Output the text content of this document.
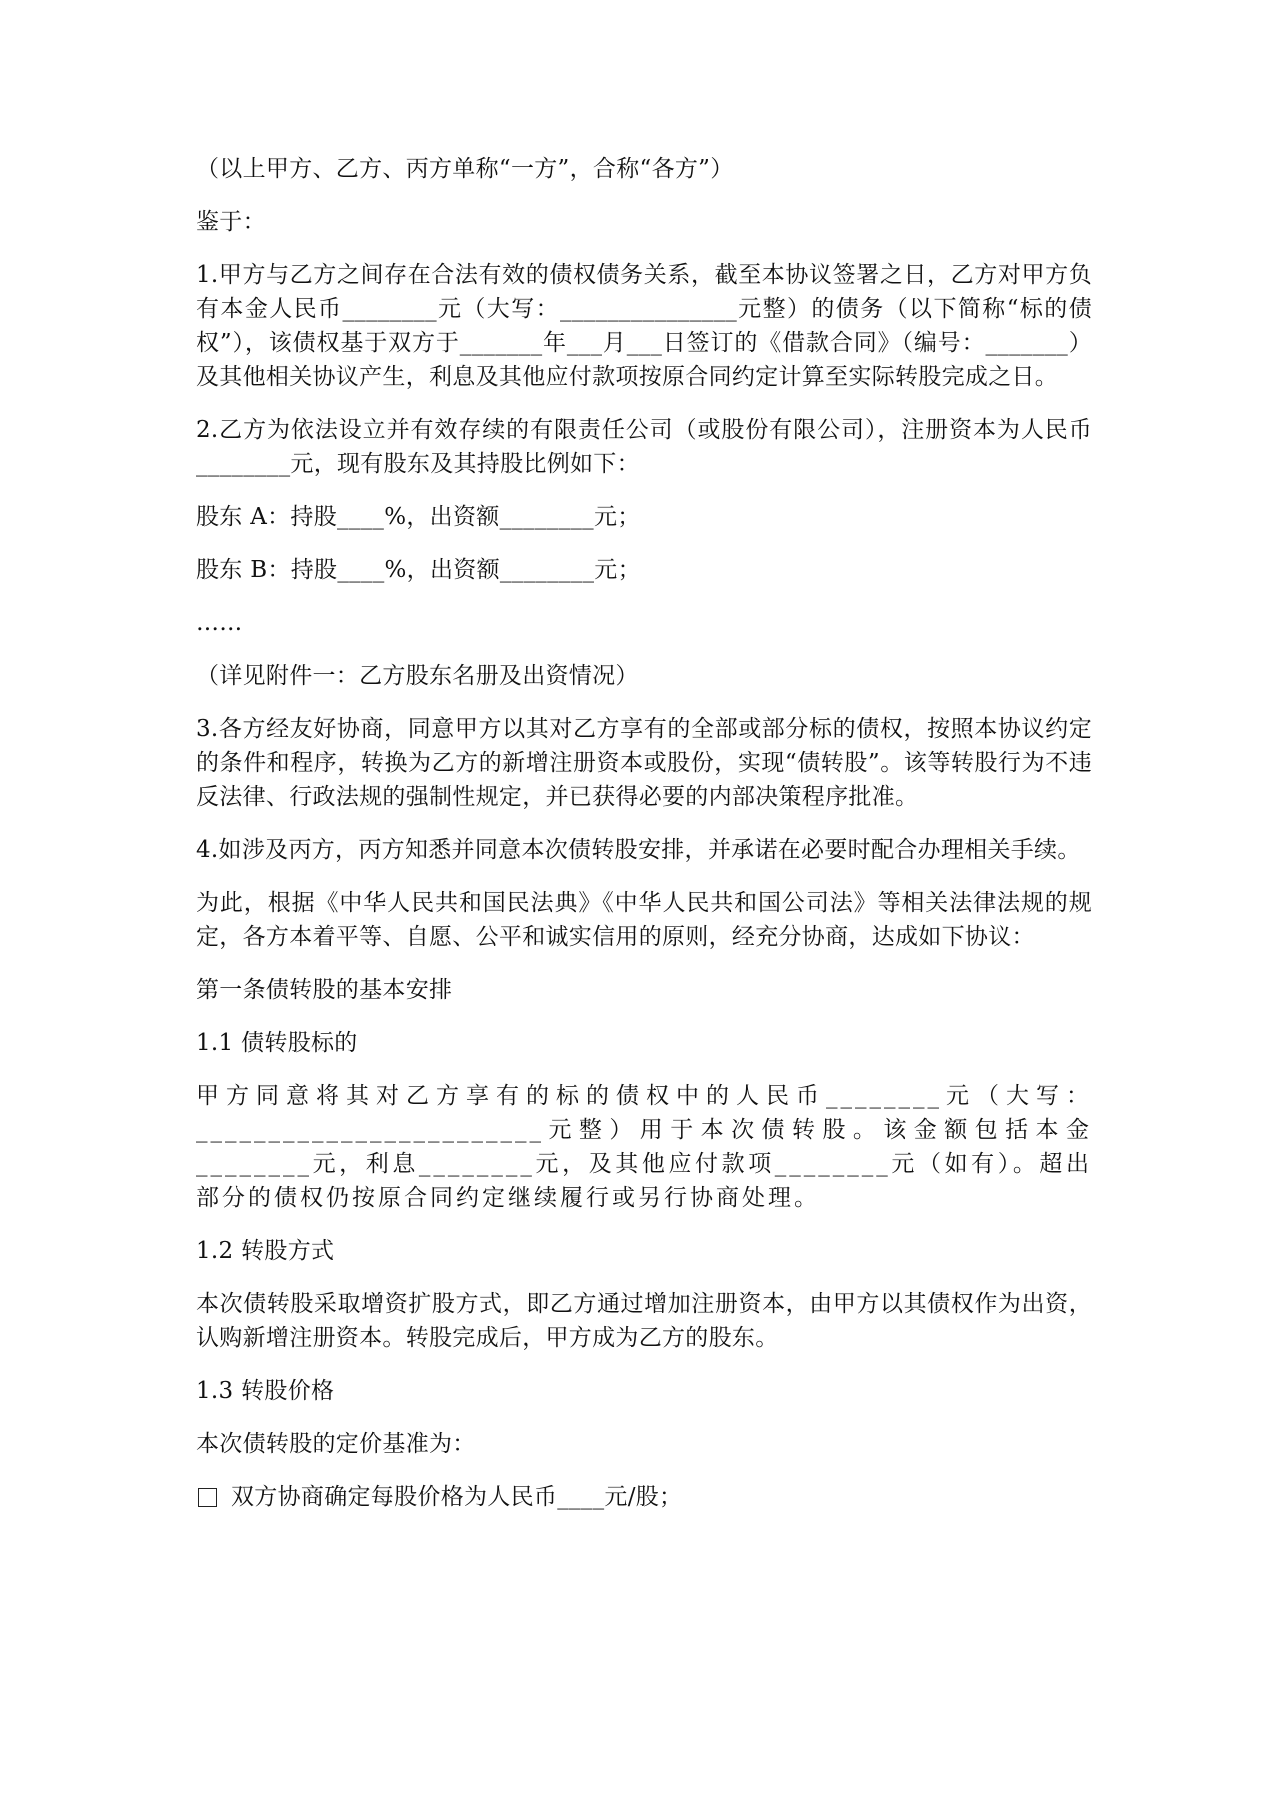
（以上甲方、乙方、丙方单称“一方”，合称“各方”）

鉴于：

1.甲方与乙方之间存在合法有效的债权债务关系，截至本协议签署之日，乙方对甲方负有本金人民币________元（大写：_______________元整）的债务（以下简称“标的债权”），该债权基于双方于_______年___月___日签订的《借款合同》（编号：_______）及其他相关协议产生，利息及其他应付款项按原合同约定计算至实际转股完成之日。

2.乙方为依法设立并有效存续的有限责任公司（或股份有限公司），注册资本为人民币________元，现有股东及其持股比例如下：

股东 A：持股____%，出资额________元；

股东 B：持股____%，出资额________元；

……

（详见附件一：乙方股东名册及出资情况）

3.各方经友好协商，同意甲方以其对乙方享有的全部或部分标的债权，按照本协议约定的条件和程序，转换为乙方的新增注册资本或股份，实现“债转股”。该等转股行为不违反法律、行政法规的强制性规定，并已获得必要的内部决策程序批准。

4.如涉及丙方，丙方知悉并同意本次债转股安排，并承诺在必要时配合办理相关手续。

为此，根据《中华人民共和国民法典》《中华人民共和国公司法》等相关法律法规的规定，各方本着平等、自愿、公平和诚实信用的原则，经充分协商，达成如下协议：

第一条债转股的基本安排

1.1 债转股标的

甲方同意将其对乙方享有的标的债权中的人民币________元（大写：________________________元整）用于本次债转股。该金额包括本金________元，利息________元，及其他应付款项________元（如有）。超出部分的债权仍按原合同约定继续履行或另行协商处理。

1.2 转股方式

本次债转股采取增资扩股方式，即乙方通过增加注册资本，由甲方以其债权作为出资，认购新增注册资本。转股完成后，甲方成为乙方的股东。

1.3 转股价格

本次债转股的定价基准为：

双方协商确定每股价格为人民币____元/股；
